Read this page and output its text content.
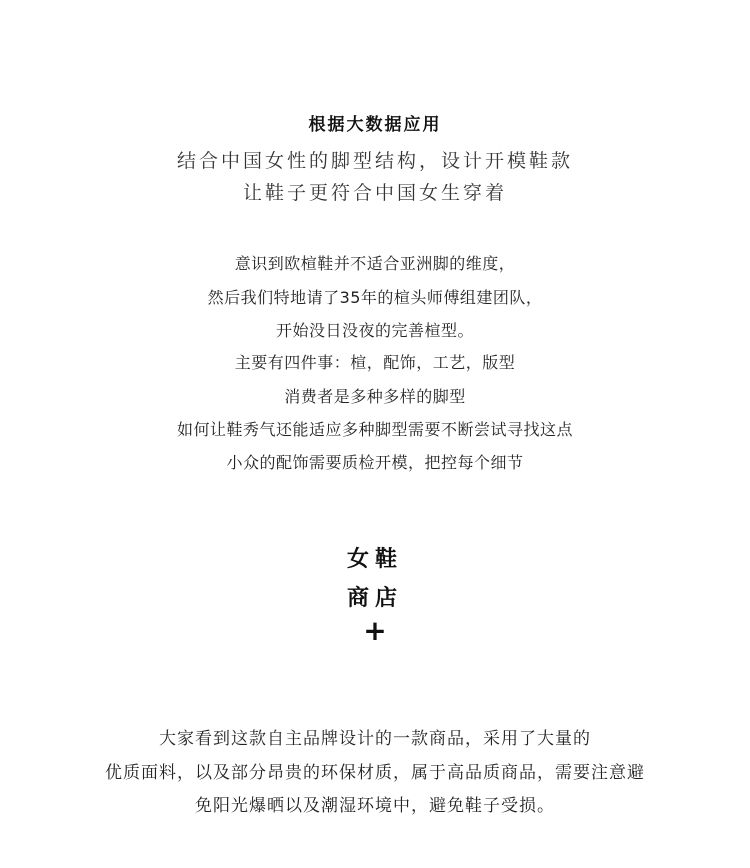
根据大数据应用
结合中国女性的脚型结构，设计开模鞋款
让鞋子更符合中国女生穿着
意识到欧楦鞋并不适合亚洲脚的维度，
然后我们特地请了35年的楦头师傅组建团队，
开始没日没夜的完善楦型。
主要有四件事：楦，配饰，工艺，版型
消费者是多种多样的脚型
如何让鞋秀气还能适应多种脚型需要不断尝试寻找这点
小众的配饰需要质检开模，把控每个细节
女鞋
商店
+
大家看到这款自主品牌设计的一款商品，采用了大量的
优质面料，以及部分昂贵的环保材质，属于高品质商品，需要注意避
免阳光爆晒以及潮湿环境中，避免鞋子受损。
